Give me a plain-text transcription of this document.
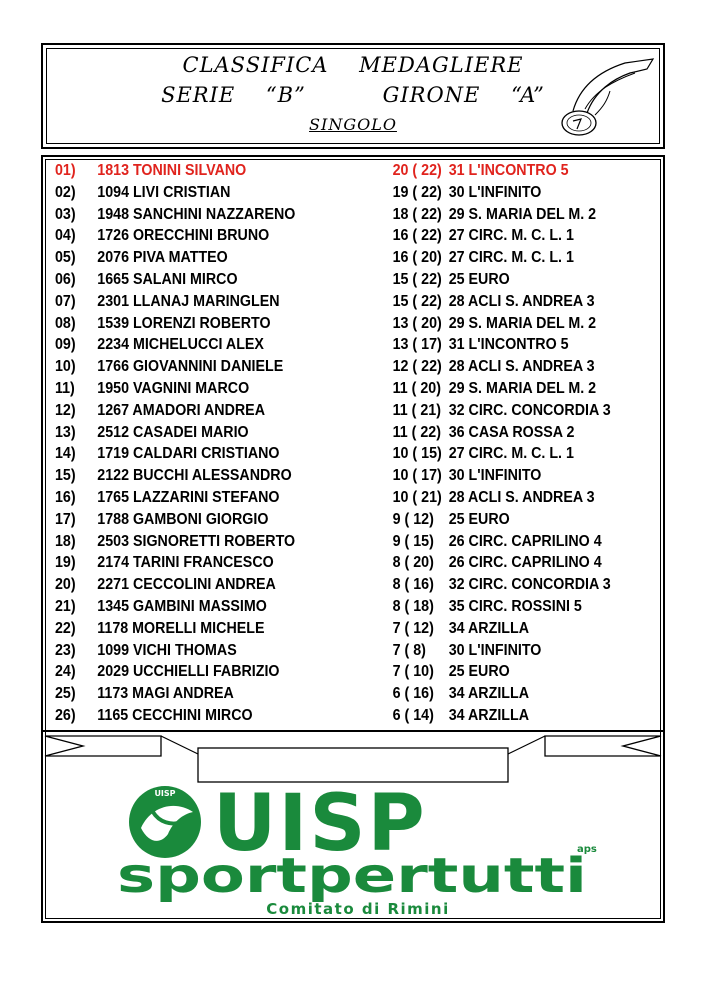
CLASSIFICA    MEDAGLIERE
SERIE    “B”          GIRONE    “A”
SINGOLO
01) 1813 TONINI SILVANO	20 ( 22) 31 L'INCONTRO 5
02) 1094 LIVI CRISTIAN	19 ( 22) 30 L'INFINITO
03) 1948 SANCHINI NAZZARENO	18 ( 22) 29 S. MARIA DEL M. 2
04) 1726 ORECCHINI BRUNO	16 ( 22) 27 CIRC. M. C. L. 1
05) 2076 PIVA MATTEO	16 ( 20) 27 CIRC. M. C. L. 1
06) 1665 SALANI MIRCO	15 ( 22) 25 EURO
07) 2301 LLANAJ MARINGLEN	15 ( 22) 28 ACLI S. ANDREA 3
08) 1539 LORENZI ROBERTO	13 ( 20) 29 S. MARIA DEL M. 2
09) 2234 MICHELUCCI ALEX	13 ( 17) 31 L'INCONTRO 5
10) 1766 GIOVANNINI DANIELE	12 ( 22) 28 ACLI S. ANDREA 3
11) 1950 VAGNINI MARCO	11 ( 20) 29 S. MARIA DEL M. 2
12) 1267 AMADORI ANDREA	11 ( 21) 32 CIRC. CONCORDIA 3
13) 2512 CASADEI MARIO	11 ( 22) 36 CASA ROSSA 2
14) 1719 CALDARI CRISTIANO	10 ( 15) 27 CIRC. M. C. L. 1
15) 2122 BUCCHI ALESSANDRO	10 ( 17) 30 L'INFINITO
16) 1765 LAZZARINI STEFANO	10 ( 21) 28 ACLI S. ANDREA 3
17) 1788 GAMBONI GIORGIO	9 ( 12) 25 EURO
18) 2503 SIGNORETTI ROBERTO	9 ( 15) 26 CIRC. CAPRILINO 4
19) 2174 TARINI FRANCESCO	8 ( 20) 26 CIRC. CAPRILINO 4
20) 2271 CECCOLINI ANDREA	8 ( 16) 32 CIRC. CONCORDIA 3
21) 1345 GAMBINI MASSIMO	8 ( 18) 35 CIRC. ROSSINI 5
22) 1178 MORELLI MICHELE	7 ( 12) 34 ARZILLA
23) 1099 VICHI THOMAS	7 ( 8) 30 L'INFINITO
24) 2029 UCCHIELLI FABRIZIO	7 ( 10) 25 EURO
25) 1173 MAGI ANDREA	6 ( 16) 34 ARZILLA
26) 1165 CECCHINI MIRCO	6 ( 14) 34 ARZILLA
UISP UISP	aps
sportpertutti
Comitato di Rimini
